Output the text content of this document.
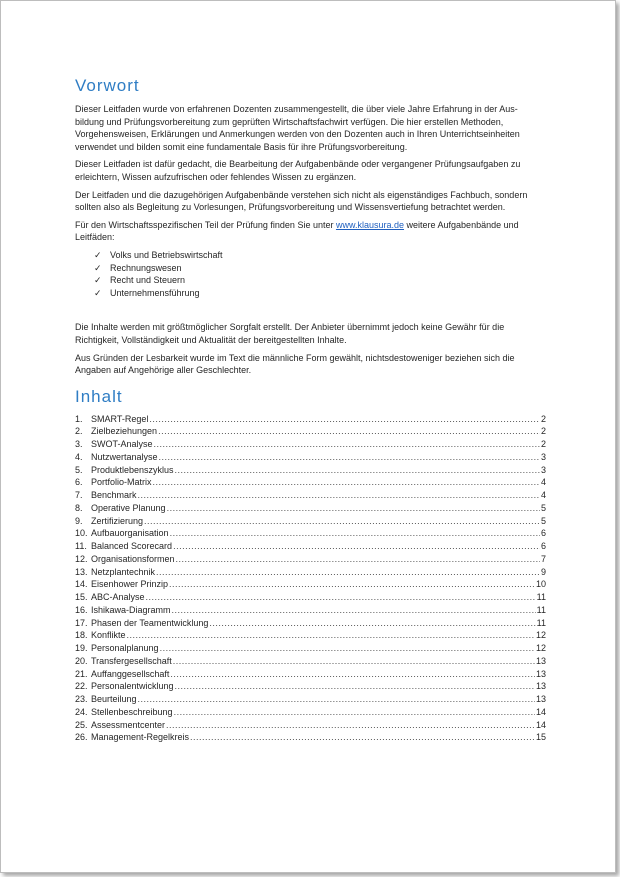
Vorwort

Dieser Leitfaden wurde von erfahrenen Dozenten zusammengestellt, die über viele Jahre Erfahrung in der Aus-bildung und Prüfungsvorbereitung zum geprüften Wirtschaftsfachwirt verfügen. Die hier erstellen Methoden, Vorgehensweisen, Erklärungen und Anmerkungen werden von den Dozenten auch in Ihren Unterrichtseinheiten verwendet und bilden somit eine fundamentale Basis für ihre Prüfungsvorbereitung.

Dieser Leitfaden ist dafür gedacht, die Bearbeitung der Aufgabenbände oder vergangener Prüfungsaufgaben zu erleichtern, Wissen aufzufrischen oder fehlendes Wissen zu ergänzen.

Der Leitfaden und die dazugehörigen Aufgabenbände verstehen sich nicht als eigenständiges Fachbuch, sondern sollten also als Begleitung zu Vorlesungen, Prüfungsvorbereitung und Wissensvertiefung betrachtet werden.

Für den Wirtschaftsspezifischen Teil der Prüfung finden Sie unter www.klausura.de weitere Aufgabenbände und Leitfäden:

✓ Volks und Betriebswirtschaft
✓ Rechnungswesen
✓ Recht und Steuern
✓ Unternehmensführung

Die Inhalte werden mit größtmöglicher Sorgfalt erstellt. Der Anbieter übernimmt jedoch keine Gewähr für die Richtigkeit, Vollständigkeit und Aktualität der bereitgestellten Inhalte.

Aus Gründen der Lesbarkeit wurde im Text die männliche Form gewählt, nichtsdestoweniger beziehen sich die Angaben auf Angehörige aller Geschlechter.

Inhalt
1. SMART-Regel .....	2
2. Zielbeziehungen .....	2
3. SWOT-Analyse .....	2
4. Nutzwertanalyse .....	3
5. Produktlebenszyklus .....	3
6. Portfolio-Matrix .....	4
7. Benchmark .....	4
8. Operative Planung .....	5
9. Zertifizierung .....	5
10. Aufbauorganisation .....	6
11. Balanced Scorecard .....	6
12. Organisationsformen .....	7
13. Netzplantechnik .....	9
14. Eisenhower Prinzip .....	10
15. ABC-Analyse .....	11
16. Ishikawa-Diagramm .....	11
17. Phasen der Teamentwicklung .....	11
18. Konflikte .....	12
19. Personalplanung .....	12
20. Transfergesellschaft .....	13
21. Auffanggesellschaft .....	13
22. Personalentwicklung .....	13
23. Beurteilung .....	13
24. Stellenbeschreibung .....	14
25. Assessmentcenter .....	14
26. Management-Regelkreis .....	15
